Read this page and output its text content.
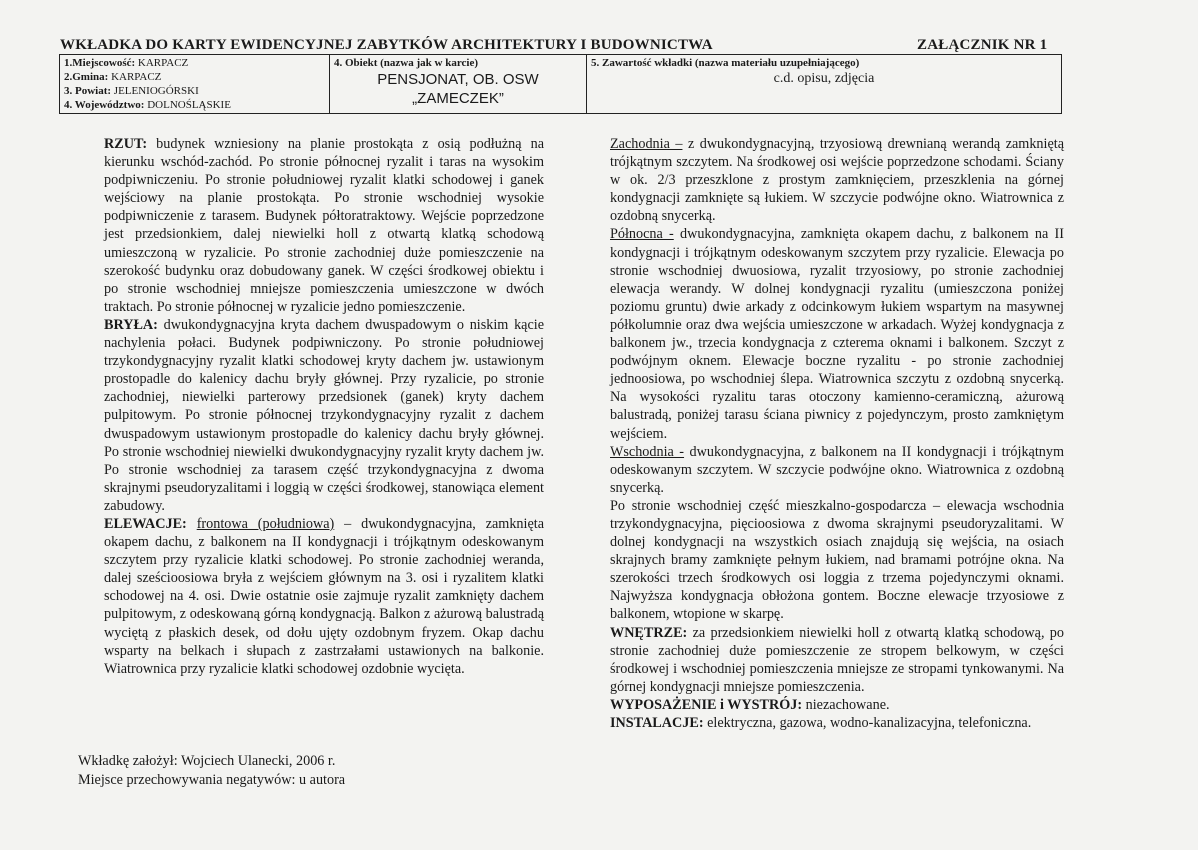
WKŁADKA DO KARTY EWIDENCYJNEJ ZABYTKÓW ARCHITEKTURY I BUDOWNICTWA	ZAŁĄCZNIK NR 1
1.Miejscowość: KARPACZ
2.Gmina: KARPACZ
3. Powiat: JELENIOGÓRSKI
4. Województwo: DOLNOŚLĄSKIE

4. Obiekt (nazwa jak w karcie)
PENSJONAT, OB. OSW
„ZAMECZEK”

5. Zawartość wkładki (nazwa materiału uzupełniającego)
c.d. opisu, zdjęcia

RZUT: budynek wzniesiony na planie prostokąta z osią podłużną na kierunku wschód-zachód. Po stronie północnej ryzalit i taras na wysokim podpiwniczeniu. Po stronie południowej ryzalit klatki schodowej i ganek wejściowy na planie prostokąta. Po stronie wschodniej wysokie podpiwniczenie z tarasem. Budynek półtoratraktowy. Wejście poprzedzone jest przedsionkiem, dalej niewielki holl z otwartą klatką schodową umieszczoną w ryzalicie. Po stronie zachodniej duże pomieszczenie na szerokość budynku oraz dobudowany ganek. W części środkowej obiektu i po stronie wschodniej mniejsze pomieszczenia umieszczone w dwóch traktach. Po stronie północnej w ryzalicie jedno pomieszczenie.

BRYŁA: dwukondygnacyjna kryta dachem dwuspadowym o niskim kącie nachylenia połaci. Budynek podpiwniczony. Po stronie południowej trzykondygnacyjny ryzalit klatki schodowej kryty dachem jw. ustawionym prostopadle do kalenicy dachu bryły głównej. Przy ryzalicie, po stronie zachodniej, niewielki parterowy przedsionek (ganek) kryty dachem pulpitowym. Po stronie północnej trzykondygnacyjny ryzalit z dachem dwuspadowym ustawionym prostopadle do kalenicy dachu bryły głównej. Po stronie wschodniej niewielki dwukondygnacyjny ryzalit kryty dachem jw. Po stronie wschodniej za tarasem część trzykondygnacyjna z dwoma skrajnymi pseudoryzalitami i loggią w części środkowej, stanowiąca element zabudowy.

ELEWACJE: frontowa (południowa) – dwukondygnacyjna, zamknięta okapem dachu, z balkonem na II kondygnacji i trójkątnym odeskowanym szczytem przy ryzalicie klatki schodowej. Po stronie zachodniej weranda, dalej sześcioosiowa bryła z wejściem głównym na 3. osi i ryzalitem klatki schodowej na 4. osi. Dwie ostatnie osie zajmuje ryzalit zamknięty dachem pulpitowym, z odeskowaną górną kondygnacją. Balkon z ażurową balustradą wyciętą z płaskich desek, od dołu ujęty ozdobnym fryzem. Okap dachu wsparty na belkach i słupach z zastrzałami ustawionych na balkonie. Wiatrownica przy ryzalicie klatki schodowej ozdobnie wycięta.

Zachodnia – z dwukondygnacyjną, trzyosiową drewnianą werandą zamkniętą trójkątnym szczytem. Na środkowej osi wejście poprzedzone schodami. Ściany w ok. 2/3 przeszklone z prostym zamknięciem, przeszklenia na górnej kondygnacji zamknięte są łukiem. W szczycie podwójne okno. Wiatrownica z ozdobną snycerką.

Północna - dwukondygnacyjna, zamknięta okapem dachu, z balkonem na II kondygnacji i trójkątnym odeskowanym szczytem przy ryzalicie. Elewacja po stronie wschodniej dwuosiowa, ryzalit trzyosiowy, po stronie zachodniej elewacja werandy. W dolnej kondygnacji ryzalitu (umieszczona poniżej poziomu gruntu) dwie arkady z odcinkowym łukiem wspartym na masywnej półkolumnie oraz dwa wejścia umieszczone w arkadach. Wyżej kondygnacja z balkonem jw., trzecia kondygnacja z czterema oknami i balkonem. Szczyt z podwójnym oknem. Elewacje boczne ryzalitu - po stronie zachodniej jednoosiowa, po wschodniej ślepa. Wiatrownica szczytu z ozdobną snycerką. Na wysokości ryzalitu taras otoczony kamienno-ceramiczną, ażurową balustradą, poniżej tarasu ściana piwnicy z pojedynczym, prosto zamkniętym wejściem.

Wschodnia - dwukondygnacyjna, z balkonem na II kondygnacji i trójkątnym odeskowanym szczytem. W szczycie podwójne okno. Wiatrownica z ozdobną snycerką.

Po stronie wschodniej część mieszkalno-gospodarcza – elewacja wschodnia trzykondygnacyjna, pięcioosiowa z dwoma skrajnymi pseudoryzalitami. W dolnej kondygnacji na wszystkich osiach znajdują się wejścia, na osiach skrajnych bramy zamknięte pełnym łukiem, nad bramami potrójne okna. Na szerokości trzech środkowych osi loggia z trzema pojedynczymi oknami. Najwyższa kondygnacja obłożona gontem. Boczne elewacje trzyosiowe z balkonem, wtopione w skarpę.

WNĘTRZE: za przedsionkiem niewielki holl z otwartą klatką schodową, po stronie zachodniej duże pomieszczenie ze stropem belkowym, w części środkowej i wschodniej pomieszczenia mniejsze ze stropami tynkowanymi. Na górnej kondygnacji mniejsze pomieszczenia.

WYPOSAŻENIE i WYSTRÓJ: niezachowane.

INSTALACJE: elektryczna, gazowa, wodno-kanalizacyjna, telefoniczna.

Wkładkę założył: Wojciech Ulanecki, 2006 r.

Miejsce przechowywania negatywów: u autora
